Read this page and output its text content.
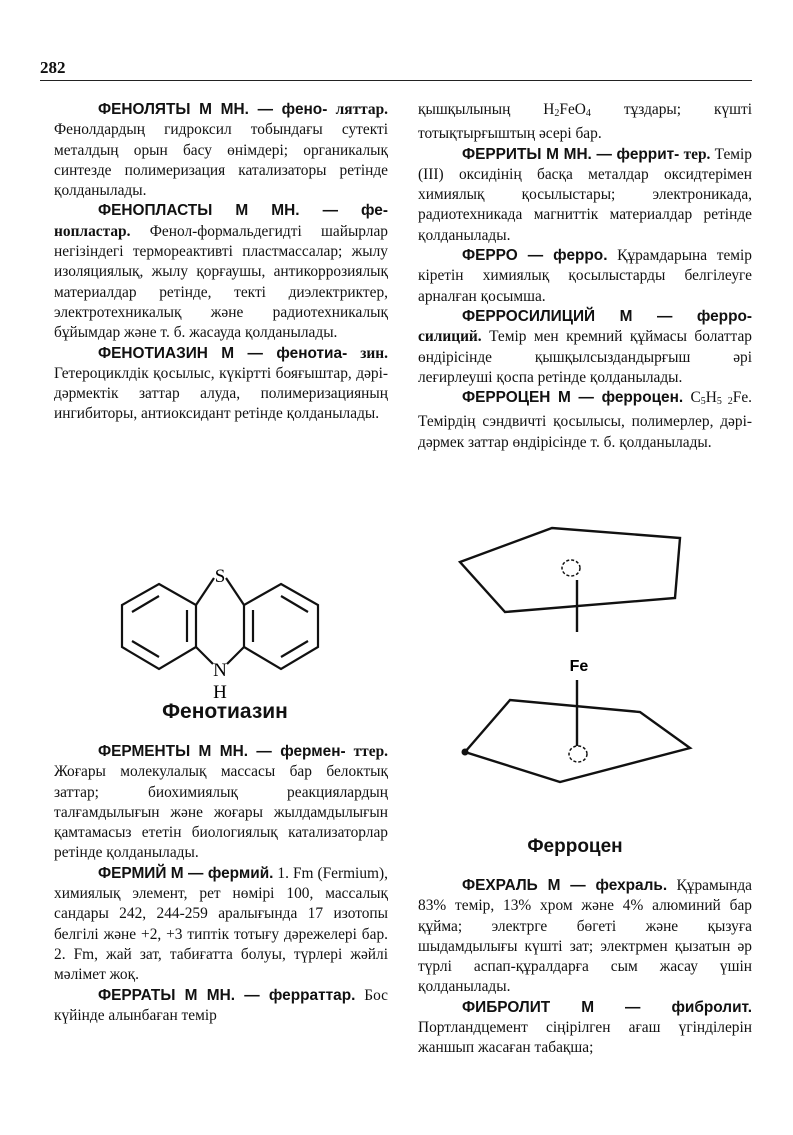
282

ФЕНОЛЯТЫ М МН. — фено- ляттар. Фенолдардың гидроксил тобындағы сутекті металдың орын басу өнімдері; органикалық синтезде полимеризация катализаторы ретінде қолданылады.

ФЕНОПЛАСТЫ М МН. — фе- нопластар. Фенол-формальдегидті шайырлар негізіндегі термореактивті пластмассалар; жылу изоляциялық, жылу қорғаушы, антикоррозиялық материалдар ретінде, текті диэлектриктер, электротехникалық және радиотехникалық бұйымдар және т. б. жасауда қолданылады.

ФЕНОТИАЗИН М — фенотиа- зин. Гетероциклдік қосылыс, күкіртті бояғыштар, дәрі-дәрмектік заттар алуда, полимеризацияның ингибиторы, антиоксидант ретінде қолданылады.

S
N
H
Фенотиазин

ФЕРМЕНТЫ М МН. — фермен- ттер. Жоғары молекулалық массасы бар белоктық заттар; биохимиялық реакциялардың талғамдылығын және жоғары жылдамдылығын қамтамасыз ететін биологиялық катализаторлар ретінде қолданылады.

ФЕРМИЙ М — фермий. 1. Fm (Fermium), химиялық элемент, рет нөмірі 100, массалық сандары 242, 244-259 аралығында 17 изотопы белгілі және +2, +3 типтік тотығу дәрежелері бар. 2. Fm, жай зат, табиғатта болуы, түрлері жәйлі мәлімет жоқ.

ФЕРРАТЫ М МН. — ферраттар. Бос күйінде алынбаған темір

қышқылының $H_2FeO_4$ тұздары; күшті тотықтырғыштың әсері бар.

ФЕРРИТЫ М МН. — феррит- тер. Темір (III) оксидінің басқа металдар оксидтерімен химиялық қосылыстары; электроникада, радиотехникада магниттік материалдар ретінде қолданылады.

ФЕРРО — ферро. Құрамдарына темір кіретін химиялық қосылыстарды белгілеуге арналған қосымша.

ФЕРРОСИЛИЦИЙ М — ферро- силиций. Темір мен кремний құймасы болаттар өндірісінде қышқылсыздандырғыш әрі леғирлеуші қоспа ретінде қолданылады.

ФЕРРОЦЕН М — ферроцен. $C_5H_{5 2}Fe$. Темірдің сэндвичті қосылысы, полимерлер, дәрі-дәрмек заттар өндірісінде т. б. қолданылады.

Fe
Ферроцен

ФЕХРАЛЬ М — фехраль. Құрамында 83% темір, 13% хром және 4% алюминий бар құйма; электрге бөгеті және қызуға шыдамдылығы күшті зат; электрмен қызатын әр түрлі аспап-құралдарға сым жасау үшін қолданылады.

ФИБРОЛИТ М — фибролит. Портландцемент сіңірілген ағаш үгінділерін жаншып жасаған табақша;
